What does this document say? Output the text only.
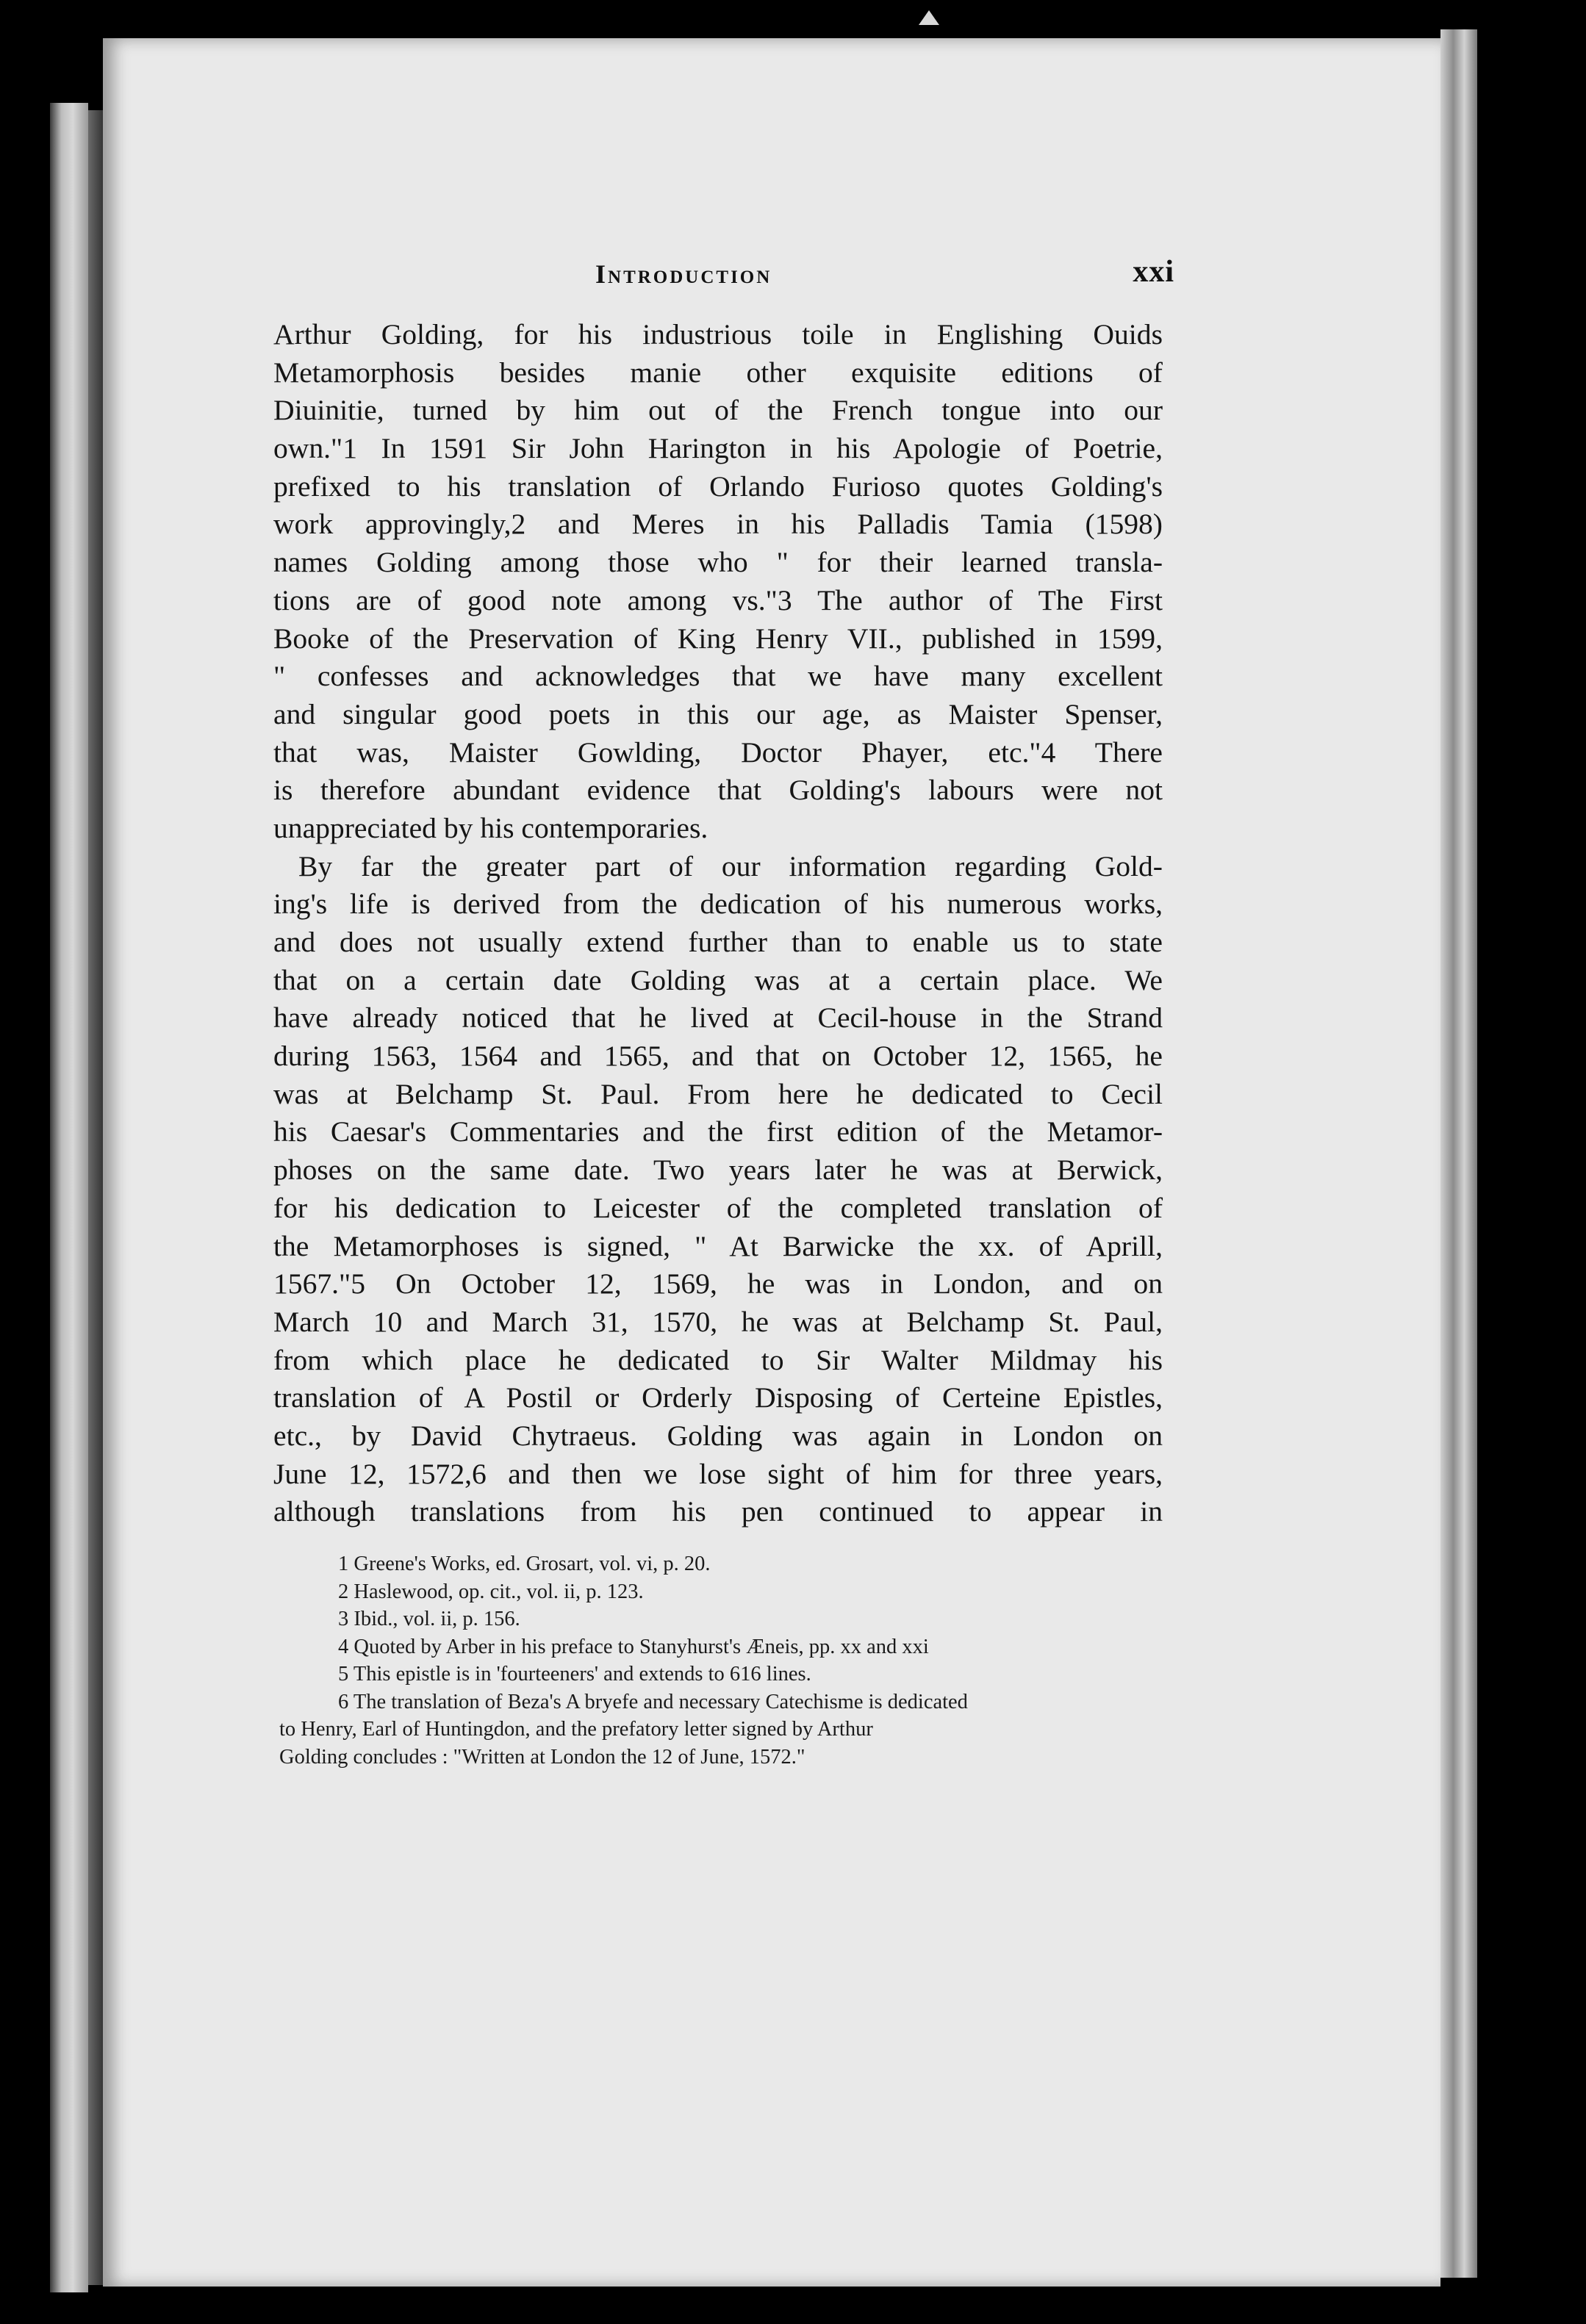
Introduction	xxi
Arthur Golding, for his industrious toile in Englishing Ouids
Metamorphosis besides manie other exquisite editions of
Diuinitie, turned by him out of the French tongue into our
own."1 In 1591 Sir John Harington in his Apologie of Poetrie,
prefixed to his translation of Orlando Furioso quotes Golding's
work approvingly,2 and Meres in his Palladis Tamia (1598)
names Golding among those who " for their learned transla-
tions are of good note among vs."3 The author of The First
Booke of the Preservation of King Henry VII., published in 1599,
" confesses and acknowledges that we have many excellent
and singular good poets in this our age, as Maister Spenser,
that was, Maister Gowlding, Doctor Phayer, etc."4 There
is therefore abundant evidence that Golding's labours were not
unappreciated by his contemporaries.
By far the greater part of our information regarding Gold-
ing's life is derived from the dedication of his numerous works,
and does not usually extend further than to enable us to state
that on a certain date Golding was at a certain place. We
have already noticed that he lived at Cecil-house in the Strand
during 1563, 1564 and 1565, and that on October 12, 1565, he
was at Belchamp St. Paul. From here he dedicated to Cecil
his Caesar's Commentaries and the first edition of the Metamor-
phoses on the same date. Two years later he was at Berwick,
for his dedication to Leicester of the completed translation of
the Metamorphoses is signed, " At Barwicke the xx. of Aprill,
1567."5 On October 12, 1569, he was in London, and on
March 10 and March 31, 1570, he was at Belchamp St. Paul,
from which place he dedicated to Sir Walter Mildmay his
translation of A Postil or Orderly Disposing of Certeine Epistles,
etc., by David Chytraeus. Golding was again in London on
June 12, 1572,6 and then we lose sight of him for three years,
although translations from his pen continued to appear in
1 Greene's Works, ed. Grosart, vol. vi, p. 20.
2 Haslewood, op. cit., vol. ii, p. 123.
3 Ibid., vol. ii, p. 156.
4 Quoted by Arber in his preface to Stanyhurst's Æneis, pp. xx and xxi
5 This epistle is in 'fourteeners' and extends to 616 lines.
6 The translation of Beza's A bryefe and necessary Catechisme is dedicated
to Henry, Earl of Huntingdon, and the prefatory letter signed by Arthur
Golding concludes : "Written at London the 12 of June, 1572."
